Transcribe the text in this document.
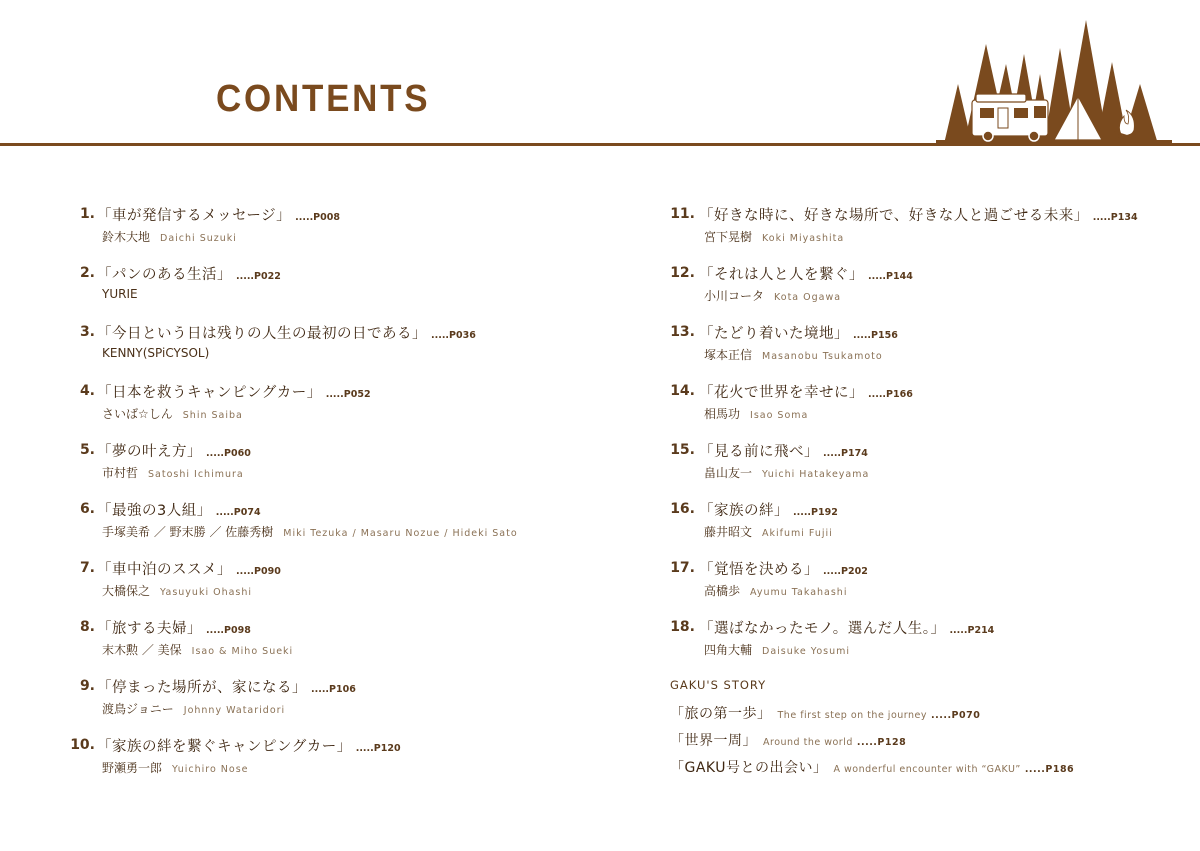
CONTENTS
1. 「車が発信するメッセージ」 .....P008
鈴木大地 Daichi Suzuki
2. 「パンのある生活」 .....P022
YURIE
3. 「今日という日は残りの人生の最初の日である」 .....P036
KENNY(SPiCYSOL)
4. 「日本を救うキャンピングカー」 .....P052
さいば☆しん Shin Saiba
5. 「夢の叶え方」 .....P060
市村哲 Satoshi Ichimura
6. 「最強の3人組」 .....P074
手塚美希 ／ 野末勝 ／ 佐藤秀樹 Miki Tezuka / Masaru Nozue / Hideki Sato
7. 「車中泊のススメ」 .....P090
大橋保之 Yasuyuki Ohashi
8. 「旅する夫婦」 .....P098
末木勲 ／ 美保 Isao & Miho Sueki
9. 「停まった場所が、家になる」 .....P106
渡鳥ジョニー Johnny Wataridori
10. 「家族の絆を繋ぐキャンピングカー」 .....P120
野瀬勇一郎 Yuichiro Nose
11. 「好きな時に、好きな場所で、好きな人と過ごせる未来」 .....P134
宮下晃樹 Koki Miyashita
12. 「それは人と人を繋ぐ」 .....P144
小川コータ Kota Ogawa
13. 「たどり着いた境地」 .....P156
塚本正信 Masanobu Tsukamoto
14. 「花火で世界を幸せに」 .....P166
相馬功 Isao Soma
15. 「見る前に飛べ」 .....P174
畠山友一 Yuichi Hatakeyama
16. 「家族の絆」 .....P192
藤井昭文 Akifumi Fujii
17. 「覚悟を決める」 .....P202
高橋歩 Ayumu Takahashi
18. 「選ばなかったモノ。選んだ人生。」 .....P214
四角大輔 Daisuke Yosumi
GAKU'S STORY
「旅の第一歩」 The first step on the journey .....P070
「世界一周」 Around the world .....P128
「GAKU号との出会い」 A wonderful encounter with “GAKU” .....P186
